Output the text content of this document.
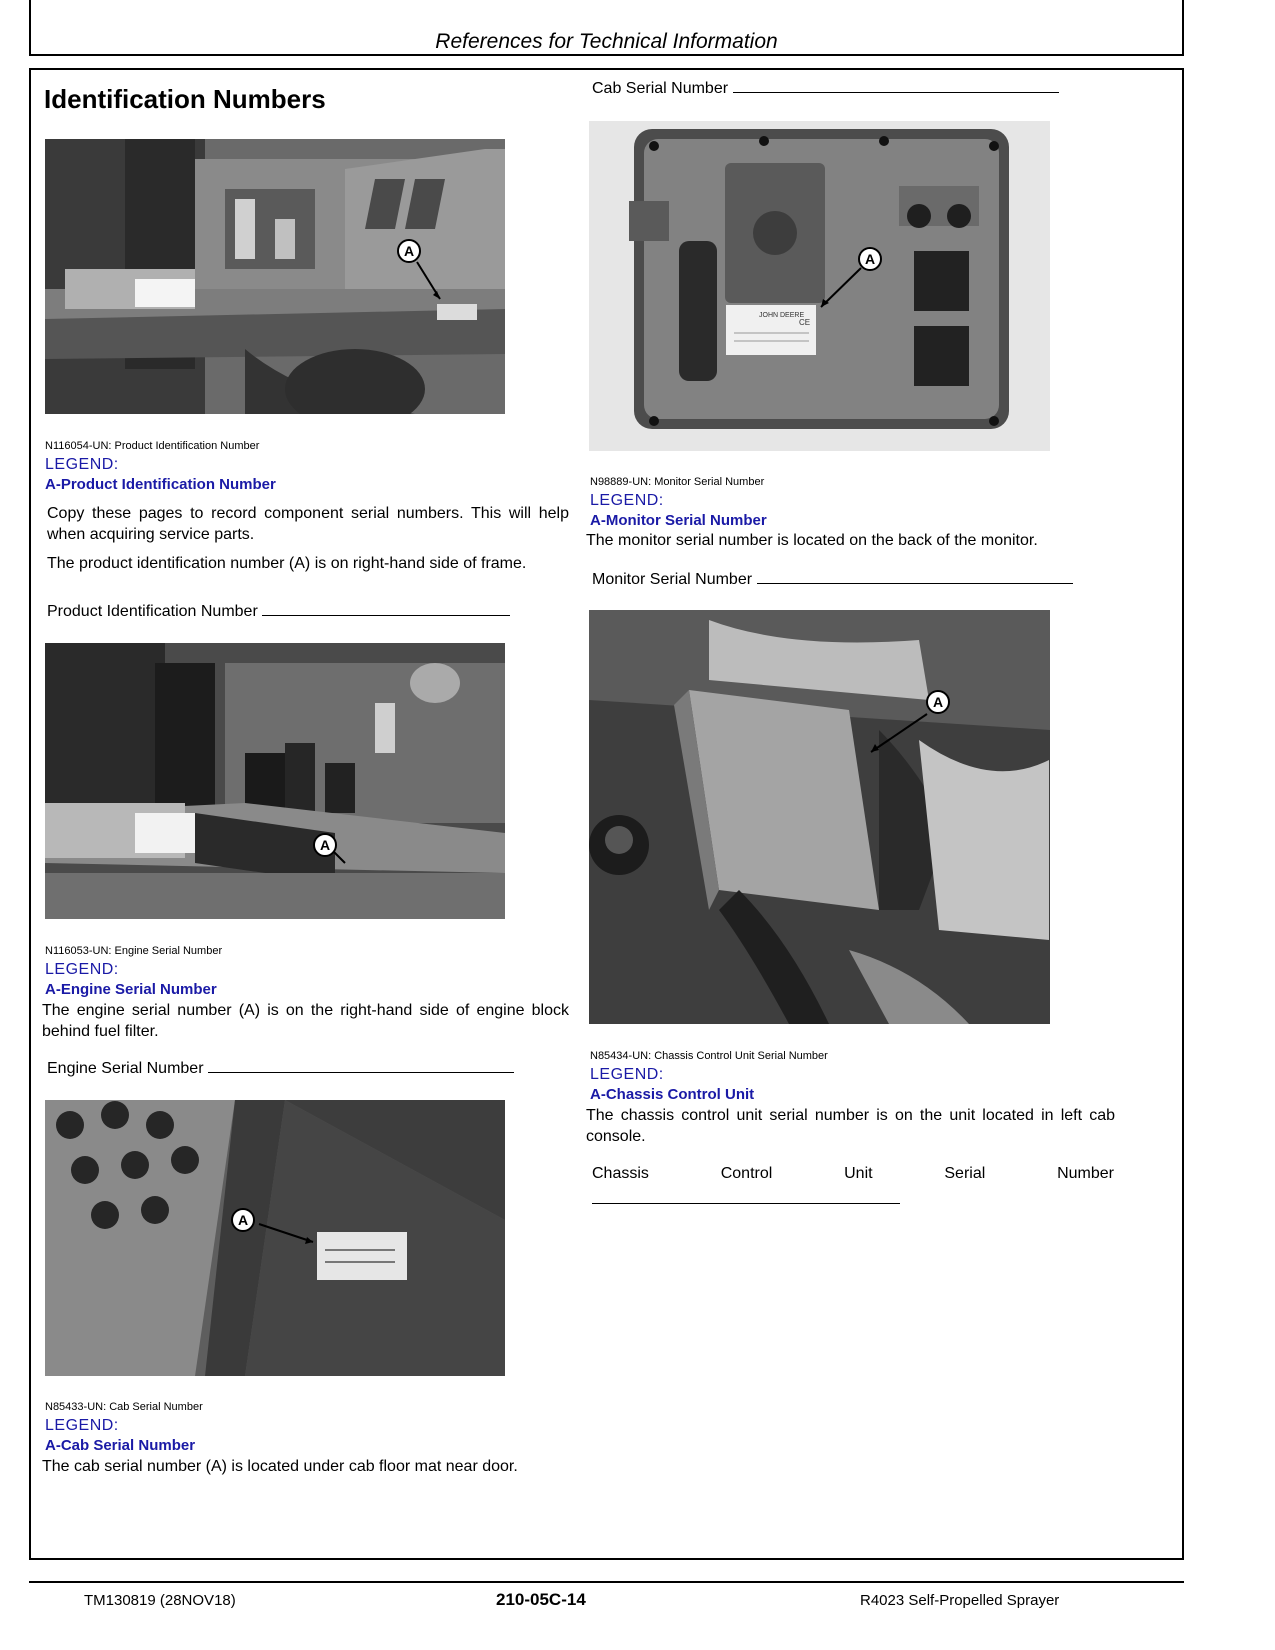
References for Technical Information
Identification Numbers
A
N116054-UN: Product Identification Number
LEGEND:
A-Product Identification Number
Copy these pages to record component serial numbers. This will help when acquiring service parts.
The product identification number (A) is on right-hand side of frame.
Product Identification Number
A
N116053-UN: Engine Serial Number
LEGEND:
A-Engine Serial Number
The engine serial number (A) is on the right-hand side of engine block behind fuel filter.
Engine Serial Number
A
N85433-UN: Cab Serial Number
LEGEND:
A-Cab Serial Number
The cab serial number (A) is located under cab floor mat near door.
Cab Serial Number
JOHN DEERE
CE
A
N98889-UN: Monitor Serial Number
LEGEND:
A-Monitor Serial Number
The monitor serial number is located on the back of the monitor.
Monitor Serial Number
A
N85434-UN: Chassis Control Unit Serial Number
LEGEND:
A-Chassis Control Unit
The chassis control unit serial number is on the unit located in left cab console.
Chassis	Control	Unit	Serial	Number
TM130819 (28NOV18)	210-05C-14	R4023 Self-Propelled Sprayer
